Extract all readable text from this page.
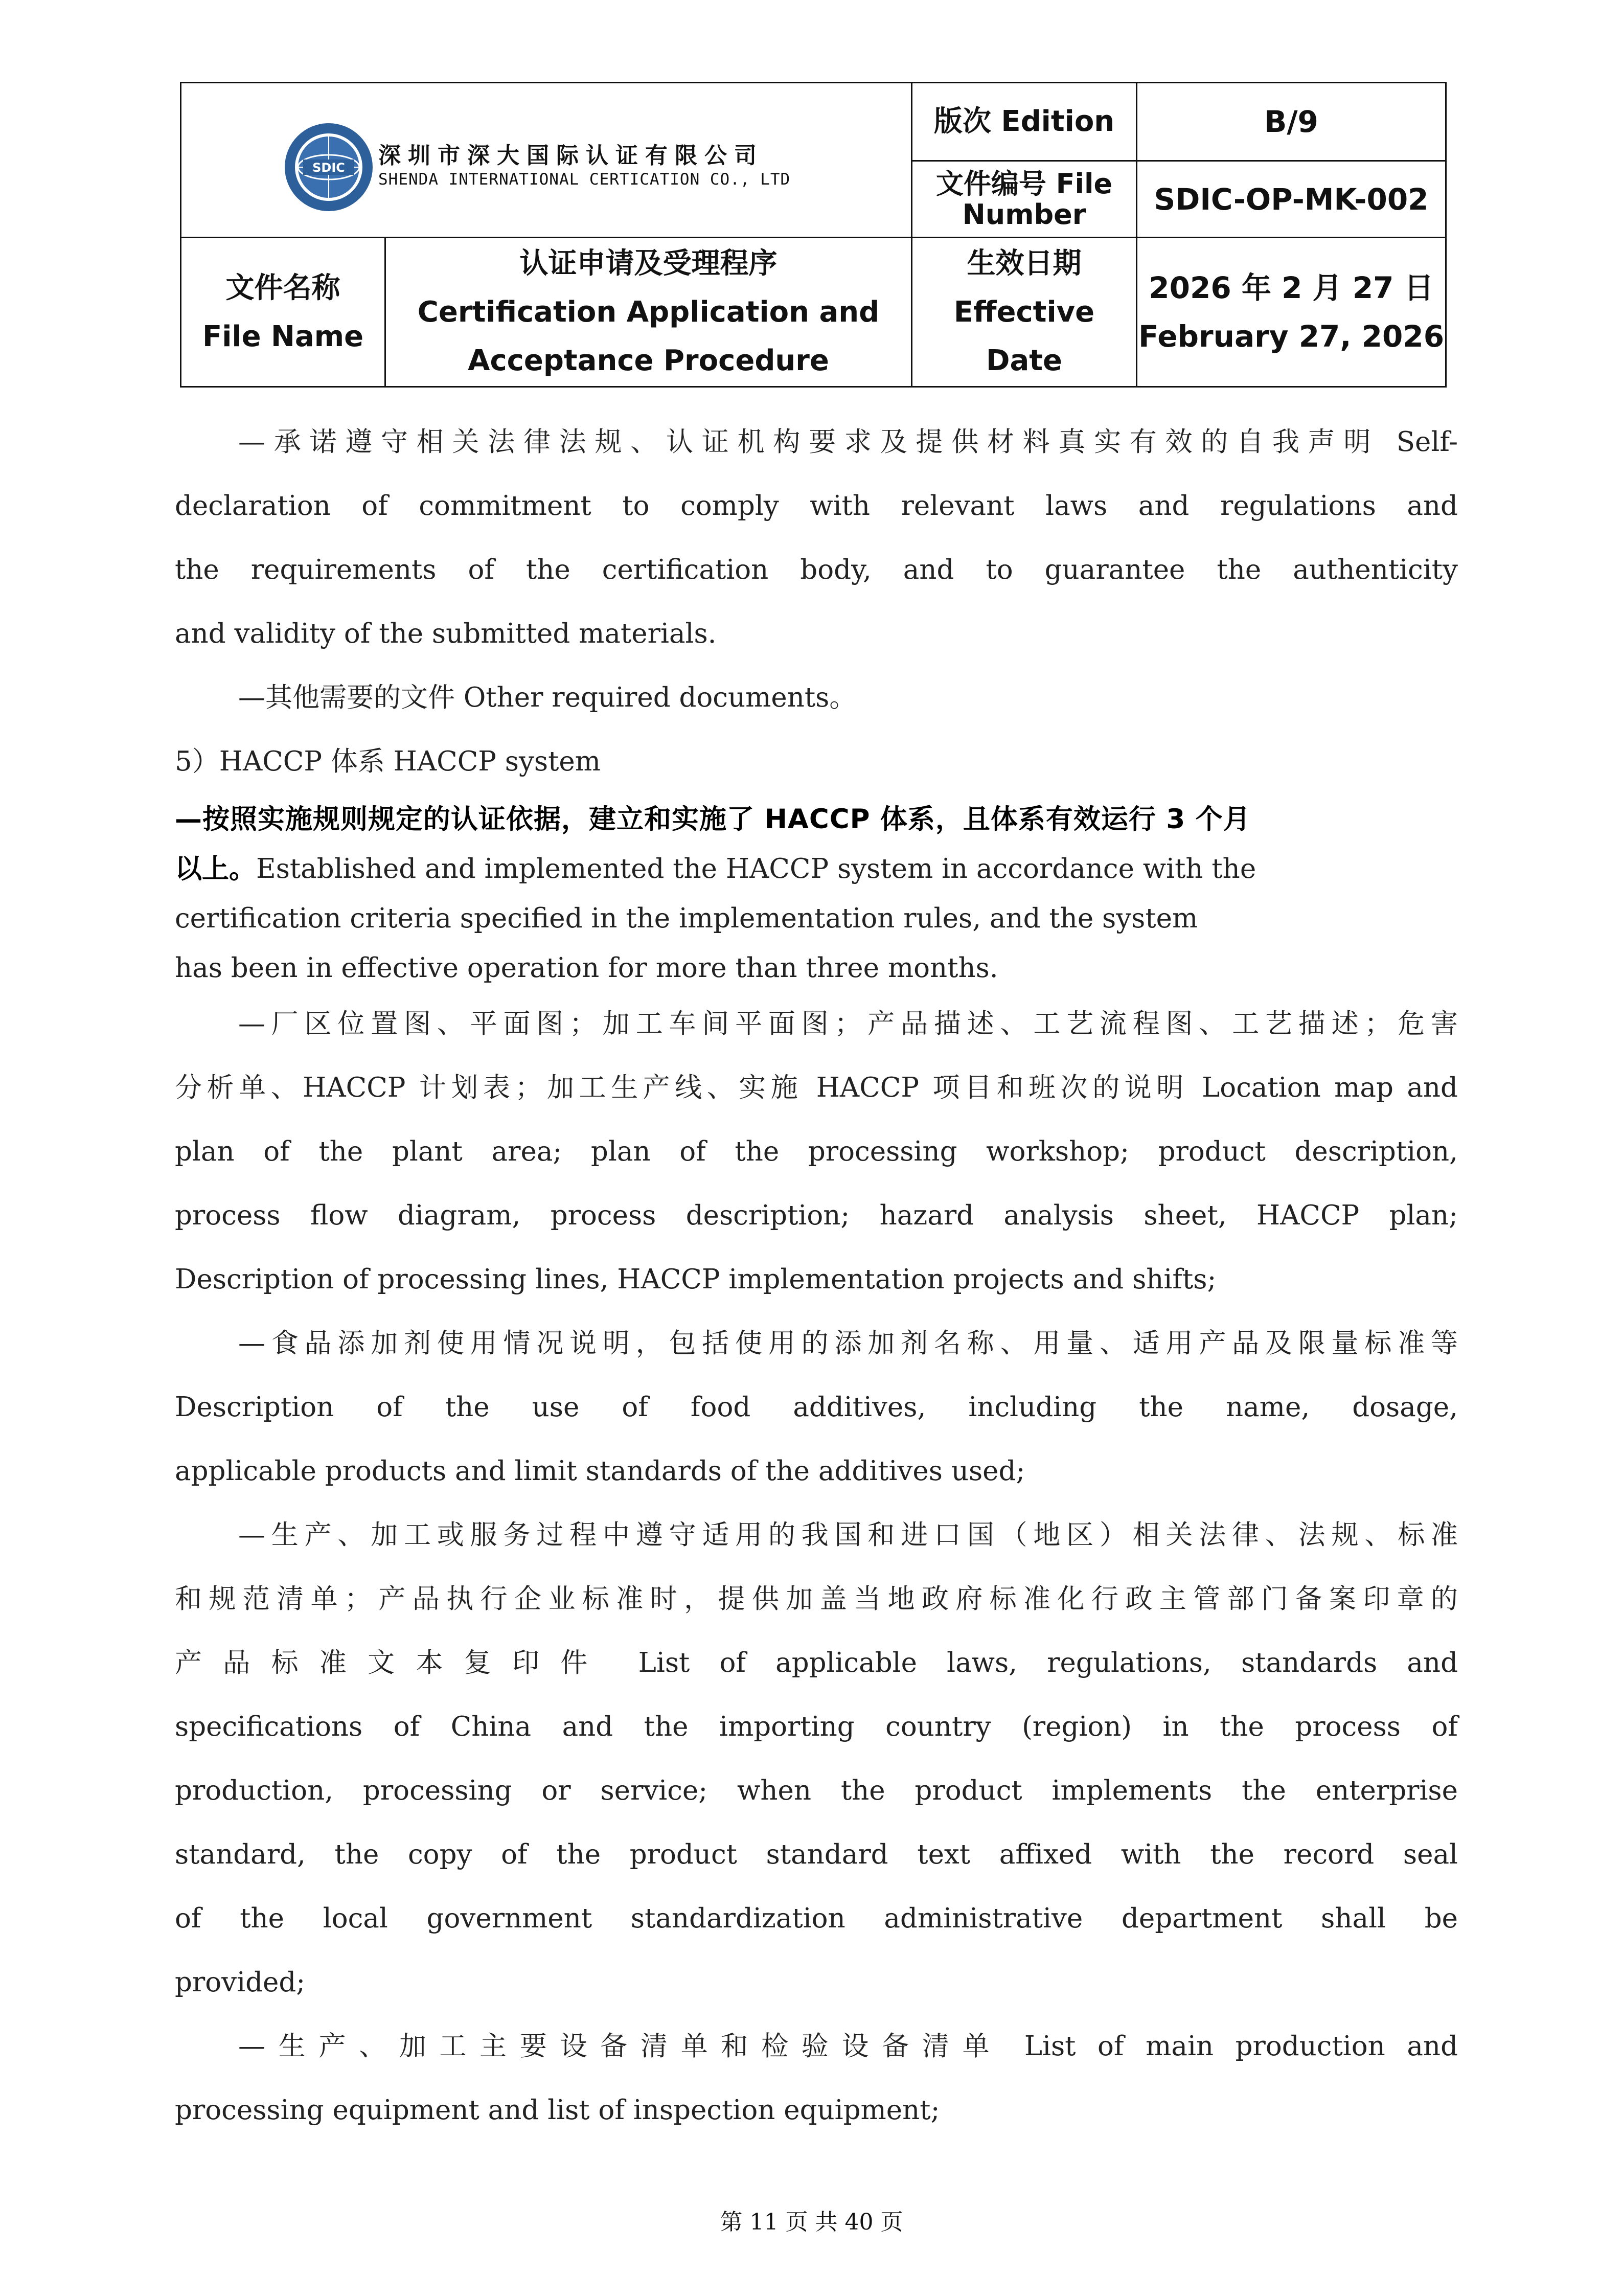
SDIC 深圳市深大国际认证有限公司
SHENDA INTERNATIONAL CERTICATION CO., LTD
版次 Edition	B/9
文件编号 File
Number	SDIC-OP-MK-002
文件名称
File Name
认证申请及受理程序
Certification Application and
Acceptance Procedure
生效日期
Effective
Date
2026 年 2 月 27 日
February 27, 2026
—承诺遵守相关法律法规、认证机构要求及提供材料真实有效的自我声明 Self-
declaration of commitment to comply with relevant laws and regulations and
the requirements of the certification body, and to guarantee the authenticity
and validity of the submitted materials.
—其他需要的文件 Other required documents。
5）HACCP 体系 HACCP system
—按照实施规则规定的认证依据，建立和实施了 HACCP 体系，且体系有效运行 3 个月
以上。Established and implemented the HACCP system in accordance with the
certification criteria specified in the implementation rules, and the system
has been in effective operation for more than three months.
—厂区位置图、平面图；加工车间平面图；产品描述、工艺流程图、工艺描述；危害
分析单、HACCP 计划表；加工生产线、实施 HACCP 项目和班次的说明 Location map and
plan of the plant area; plan of the processing workshop; product description,
process flow diagram, process description; hazard analysis sheet, HACCP plan;
Description of processing lines, HACCP implementation projects and shifts;
—食品添加剂使用情况说明，包括使用的添加剂名称、用量、适用产品及限量标准等
Description of the use of food additives, including the name, dosage,
applicable products and limit standards of the additives used;
—生产、加工或服务过程中遵守适用的我国和进口国（地区）相关法律、法规、标准
和规范清单；产品执行企业标准时，提供加盖当地政府标准化行政主管部门备案印章的
产品标准文本复印件 List of applicable laws, regulations, standards and
specifications of China and the importing country (region) in the process of
production, processing or service; when the product implements the enterprise
standard, the copy of the product standard text affixed with the record seal
of the local government standardization administrative department shall be
provided;
—生产、加工主要设备清单和检验设备清单 List of main production and
processing equipment and list of inspection equipment;
第 11 页 共 40 页
